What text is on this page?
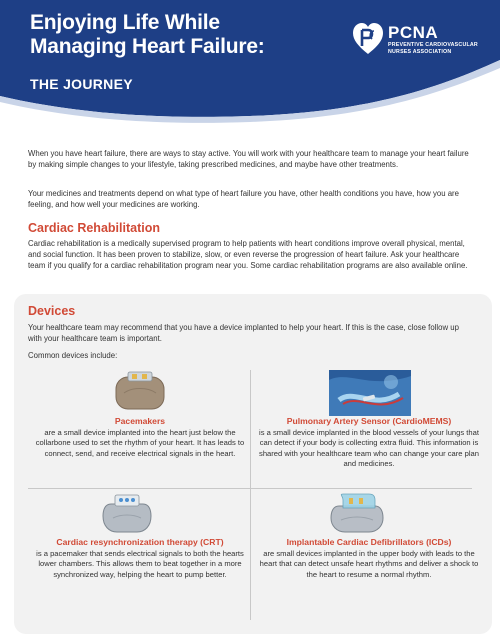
Enjoying Life While
Managing Heart Failure:
THE JOURNEY
PCNA
PREVENTIVE CARDIOVASCULAR
NURSES ASSOCIATION

When you have heart failure, there are ways to stay active. You will work with your healthcare team to manage your heart failure by making simple changes to your lifestyle, taking prescribed medicines, and maybe have other treatments.

Your medicines and treatments depend on what type of heart failure you have, other health conditions you have, how you are feeling, and how well your medicines are working.

Cardiac Rehabilitation

Cardiac rehabilitation is a medically supervised program to help patients with heart conditions improve overall physical, mental, and social function. It has been proven to stabilize, slow, or even reverse the progression of heart failure. Ask your healthcare team if you qualify for a cardiac rehabilitation program near you. Some cardiac rehabilitation programs are also available online.

Devices

Your healthcare team may recommend that you have a device implanted to help your heart. If this is the case, close follow up with your healthcare team is important.

Common devices include:
Pacemakers
are a small device implanted into the heart just below the collarbone used to set the rhythm of your heart. It has leads to connect, send, and receive electrical signals in the heart.
Pulmonary Artery Sensor (CardioMEMS)
is a small device implanted in the blood vessels of your lungs that can detect if your body is collecting extra fluid. This information is shared with your healthcare team who can change your care plan and medicines.
Cardiac resynchronization therapy (CRT)
is a pacemaker that sends electrical signals to both the hearts lower chambers. This allows them to beat together in a more synchronized way, helping the heart to pump better.
Implantable Cardiac Defibrillators (ICDs)
are small devices implanted in the upper body with leads to the heart that can detect unsafe heart rhythms and deliver a shock to the heart to resume a normal rhythm.
